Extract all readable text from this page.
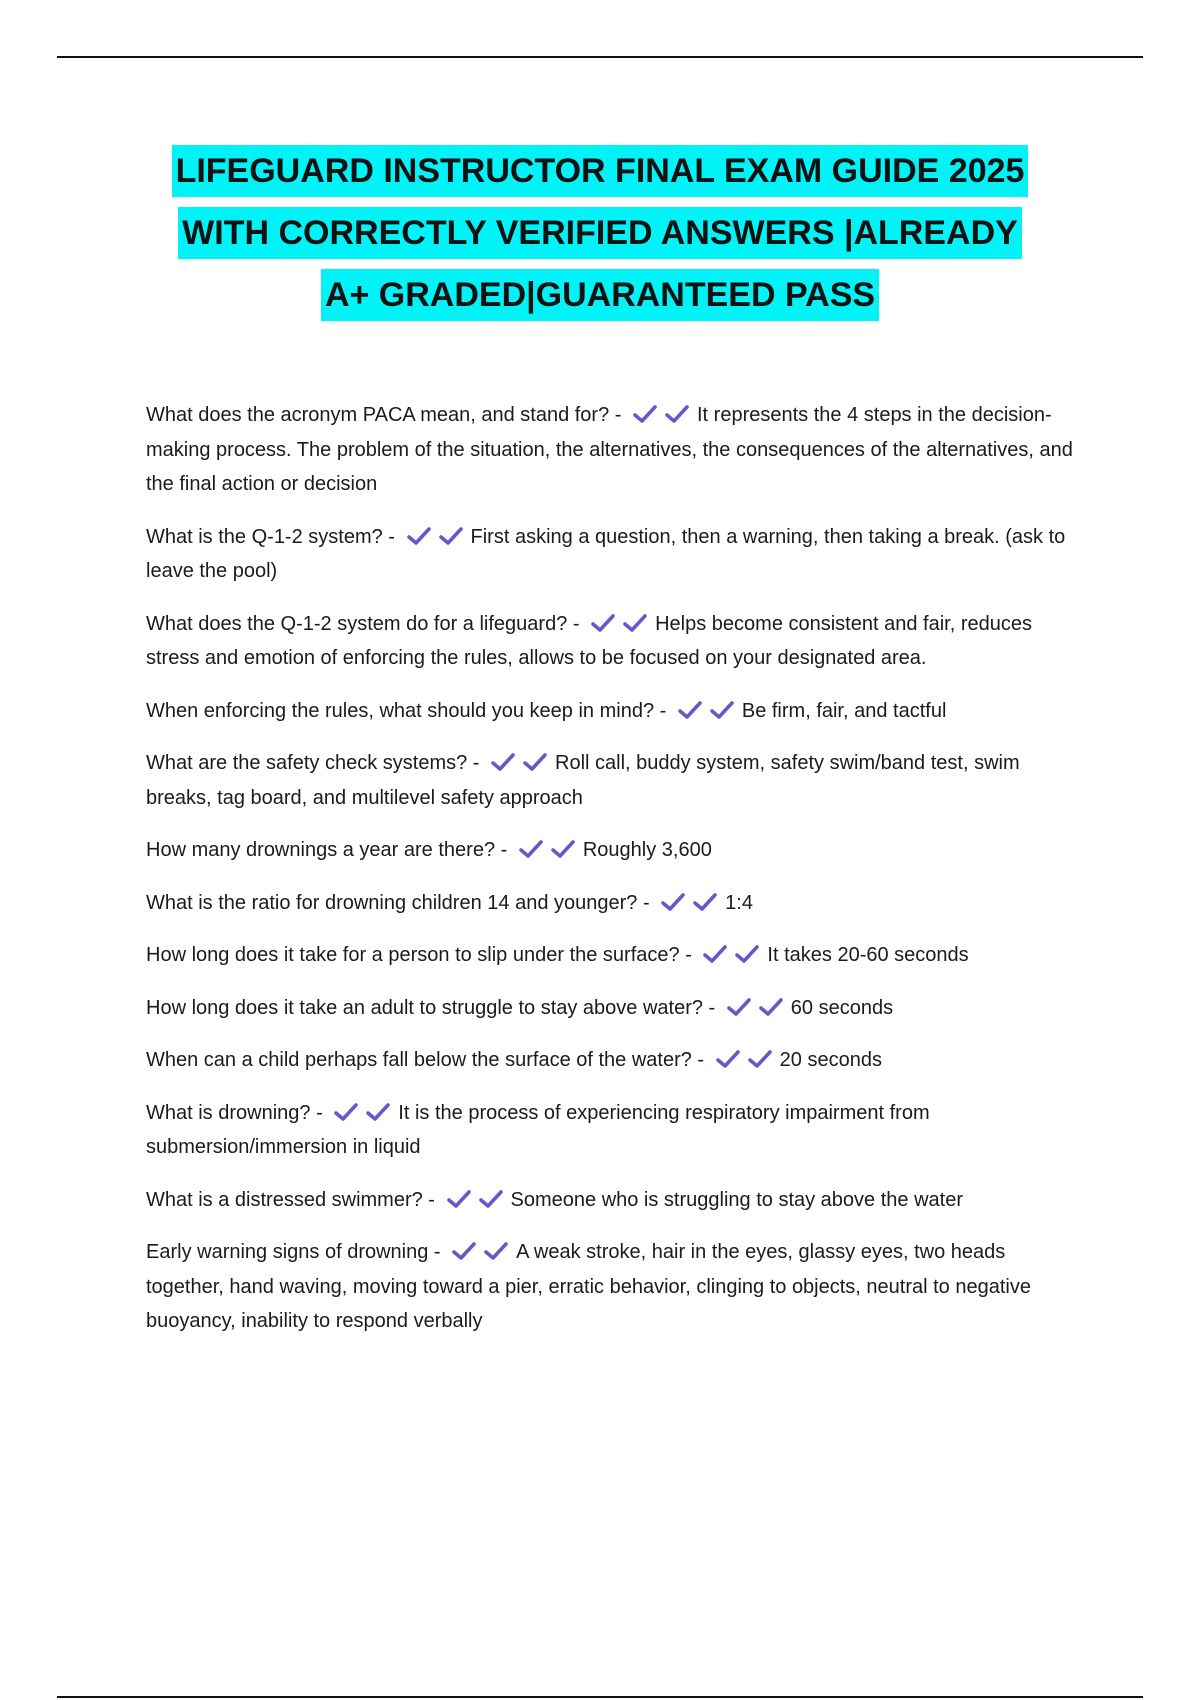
LIFEGUARD INSTRUCTOR FINAL EXAM GUIDE 2025
WITH CORRECTLY VERIFIED ANSWERS |ALREADY
A+ GRADED|GUARANTEED PASS
What does the acronym PACA mean, and stand for? -	It represents the 4 steps in the decision-making process. The problem of the situation, the alternatives, the consequences of the alternatives, and the final action or decision
What is the Q-1-2 system? -	First asking a question, then a warning, then taking a break. (ask to leave the pool)
What does the Q-1-2 system do for a lifeguard? -	Helps become consistent and fair, reduces stress and emotion of enforcing the rules, allows to be focused on your designated area.
When enforcing the rules, what should you keep in mind? -	Be firm, fair, and tactful
What are the safety check systems? -	Roll call, buddy system, safety swim/band test, swim breaks, tag board, and multilevel safety approach
How many drownings a year are there? -	Roughly 3,600
What is the ratio for drowning children 14 and younger? -	1:4
How long does it take for a person to slip under the surface? -	It takes 20-60 seconds
How long does it take an adult to struggle to stay above water? -	60 seconds
When can a child perhaps fall below the surface of the water? -	20 seconds
What is drowning? -	It is the process of experiencing respiratory impairment from submersion/immersion in liquid
What is a distressed swimmer? -	Someone who is struggling to stay above the water
Early warning signs of drowning -	A weak stroke, hair in the eyes, glassy eyes, two heads together, hand waving, moving toward a pier, erratic behavior, clinging to objects, neutral to negative buoyancy, inability to respond verbally
